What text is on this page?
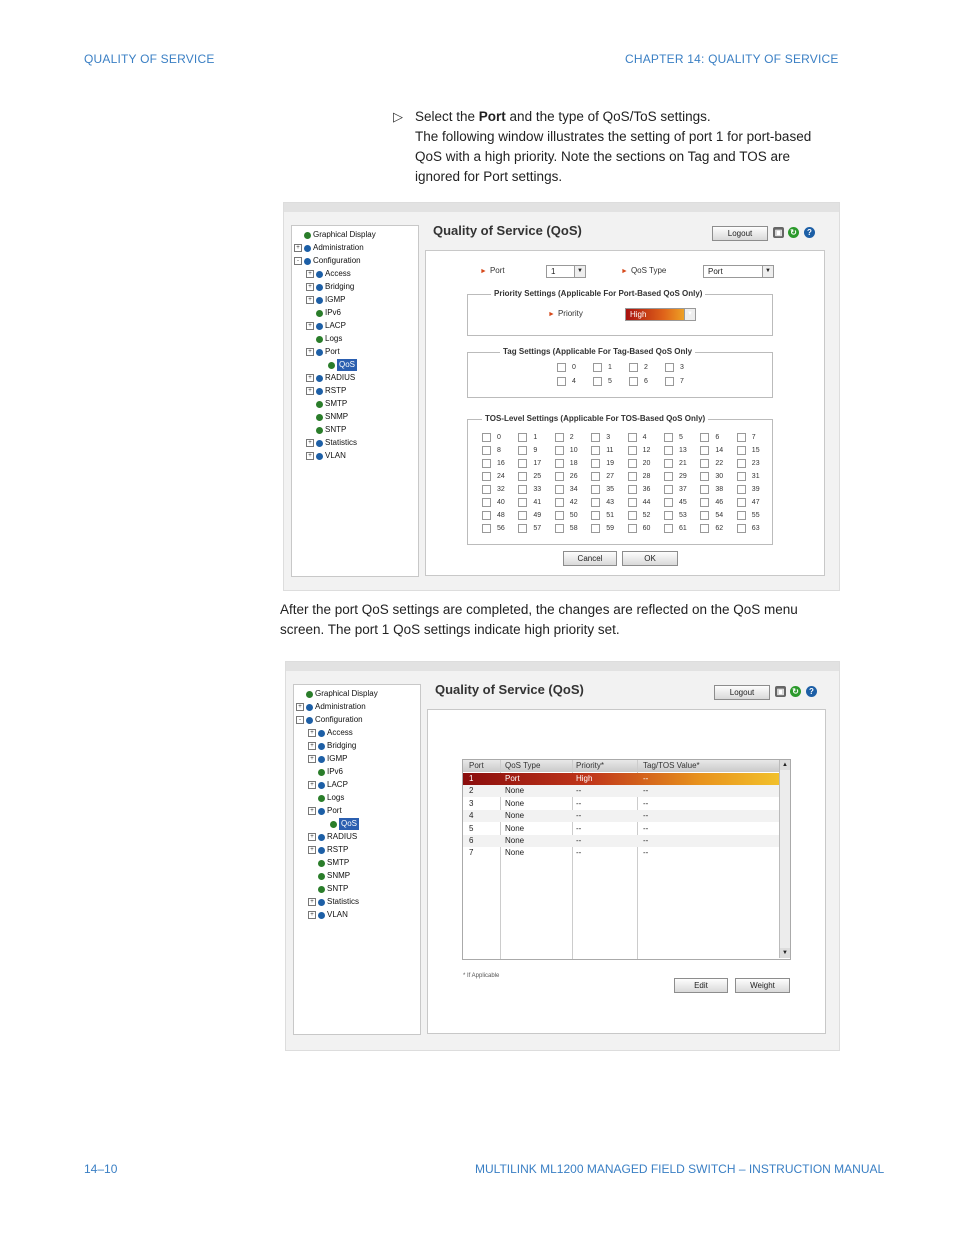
QUALITY OF SERVICE	CHAPTER 14: QUALITY OF SERVICE
▷ Select the Port and the type of QoS/ToS settings.
The following window illustrates the setting of port 1 for port-based
QoS with a high priority. Note the sections on Tag and TOS are
ignored for Port settings.
Graphical Display
+ Administration
-	Configuration
+ Access
+ Bridging
+ IGMP
IPv6
+ LACP
Logs
+ Port
QoS
+ RADIUS
+ RSTP
SMTP
SNMP
SNTP
+ Statistics
+ VLAN
Quality of Service (QoS)	Logout	▣ ↻	?
► Port	1	▼	► QoS Type	Port	▼
Priority Settings (Applicable For Port-Based QoS Only)
► Priority	High	▼
Tag Settings (Applicable For Tag-Based QoS Only
0	1	2	3
4	5	6	7
TOS-Level Settings (Applicable For TOS-Based QoS Only)
0	1	2	3	4	5	6	7
8	9	10	11	12	13	14	15
16	17	18	19	20	21	22	23
24	25	26	27	28	29	30	31
32	33	34	35	36	37	38	39
40	41	42	43	44	45	46	47
48	49	50	51	52	53	54	55
56	57	58	59	60	61	62	63
Cancel	OK
After the port QoS settings are completed, the changes are reflected on the QoS menu
screen. The port 1 QoS settings indicate high priority set.
Graphical Display
+ Administration
-	Configuration
+ Access
+ Bridging
+ IGMP
IPv6
+ LACP
Logs
+ Port
QoS
+ RADIUS
+ RSTP
SMTP
SNMP
SNTP
+ Statistics
+ VLAN
Quality of Service (QoS)	Logout	▣ ↻	?
Port	QoS Type	Priority*	Tag/TOS Value*
1	Port	High	--
2	None	--	--
3	None	--	--
4	None	--	--
5	None	--	--
6	None	--	--
7	None	--	--
▲
▼
* If Applicable
Edit	Weight
14–10	MULTILINK ML1200 MANAGED FIELD SWITCH – INSTRUCTION MANUAL
